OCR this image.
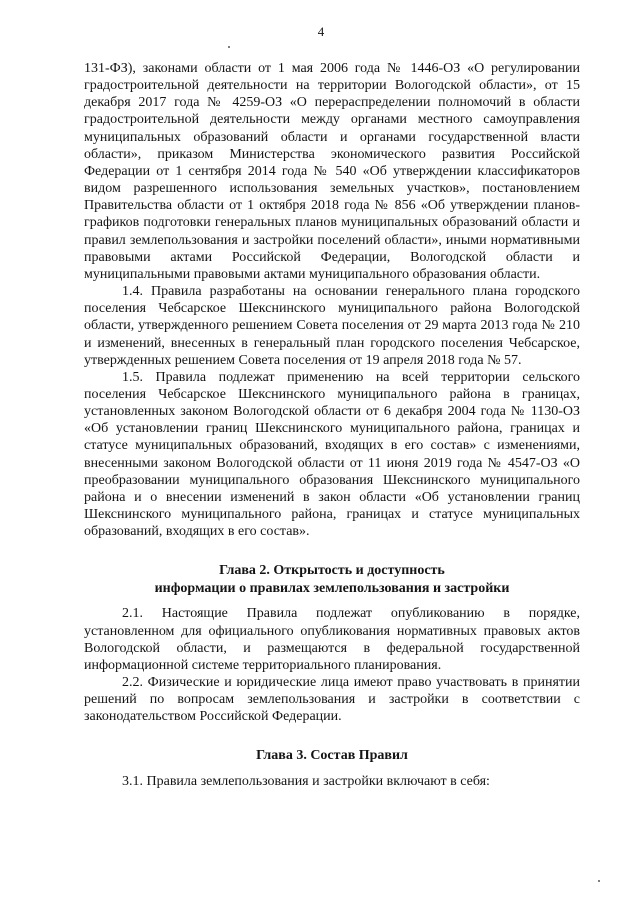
4

131-ФЗ), законами области от 1 мая 2006 года № 1446-ОЗ «О регулировании градостроительной деятельности на территории Вологодской области», от 15 декабря 2017 года № 4259-ОЗ «О перераспределении полномочий в области градостроительной деятельности между органами местного самоуправления муниципальных образований области и органами государственной власти области», приказом Министерства экономического развития Российской Федерации от 1 сентября 2014 года № 540 «Об утверждении классификаторов видом разрешенного использования земельных участков», постановлением Правительства области от 1 октября 2018 года № 856 «Об утверждении планов-графиков подготовки генеральных планов муниципальных образований области и правил землепользования и застройки поселений области», иными нормативными правовыми актами Российской Федерации, Вологодской области и муниципальными правовыми актами муниципального образования области.

1.4. Правила разработаны на основании генерального плана городского поселения Чебсарское Шекснинского муниципального района Вологодской области, утвержденного решением Совета поселения от 29 марта 2013 года № 210 и изменений, внесенных в генеральный план городского поселения Чебсарское, утвержденных решением Совета поселения от 19 апреля 2018 года № 57.

1.5. Правила подлежат применению на всей территории сельского поселения Чебсарское Шекснинского муниципального района в границах, установленных законом Вологодской области от 6 декабря 2004 года № 1130-ОЗ «Об установлении границ Шекснинского муниципального района, границах и статусе муниципальных образований, входящих в его состав» с изменениями, внесенными законом Вологодской области от 11 июня 2019 года № 4547-ОЗ «О преобразовании муниципального образования Шекснинского муниципального района и о внесении изменений в закон области «Об установлении границ Шекснинского муниципального района, границах и статусе муниципальных образований, входящих в его состав».

Глава 2. Открытость и доступность
информации о правилах землепользования и застройки

2.1. Настоящие Правила подлежат опубликованию в порядке, установленном для официального опубликования нормативных правовых актов Вологодской области, и размещаются в федеральной государственной информационной системе территориального планирования.

2.2. Физические и юридические лица имеют право участвовать в принятии решений по вопросам землепользования и застройки в соответствии с законодательством Российской Федерации.

Глава 3. Состав Правил

3.1. Правила землепользования и застройки включают в себя:
